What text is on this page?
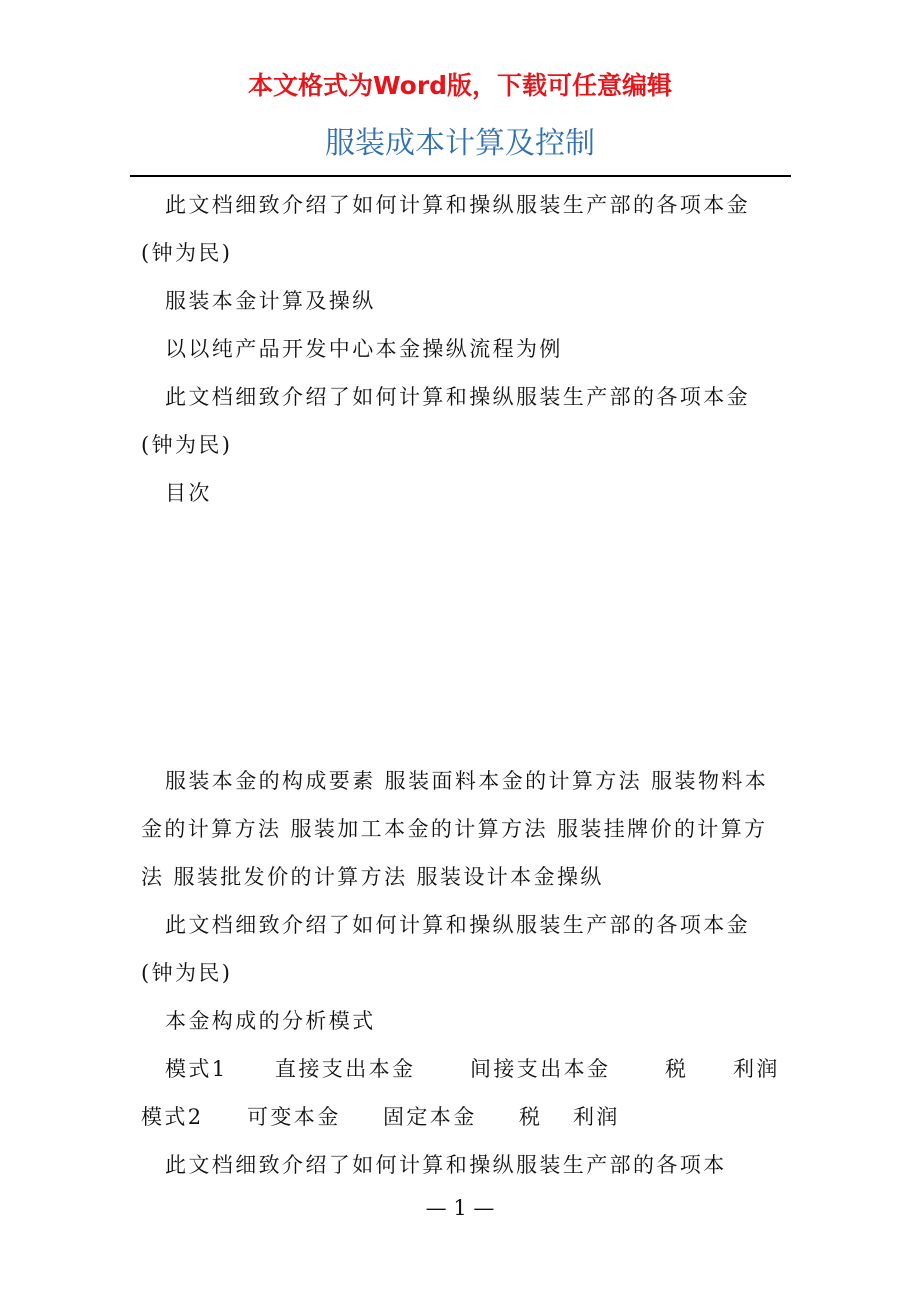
本文格式为Word版，下载可任意编辑
服装成本计算及控制

此文档细致介绍了如何计算和操纵服装生产部的各项本金(钟为民)

服装本金计算及操纵

以以纯产品开发中心本金操纵流程为例

此文档细致介绍了如何计算和操纵服装生产部的各项本金(钟为民)

目次

服装本金的构成要素 服装面料本金的计算方法 服装物料本金的计算方法 服装加工本金的计算方法 服装挂牌价的计算方法 服装批发价的计算方法 服装设计本金操纵

此文档细致介绍了如何计算和操纵服装生产部的各项本金(钟为民)

本金构成的分析模式

模式1	直接支出本金	间接支出本金	税	利润
模式2	可变本金	固定本金	税	利润

此文档细致介绍了如何计算和操纵服装生产部的各项本

— 1 —
